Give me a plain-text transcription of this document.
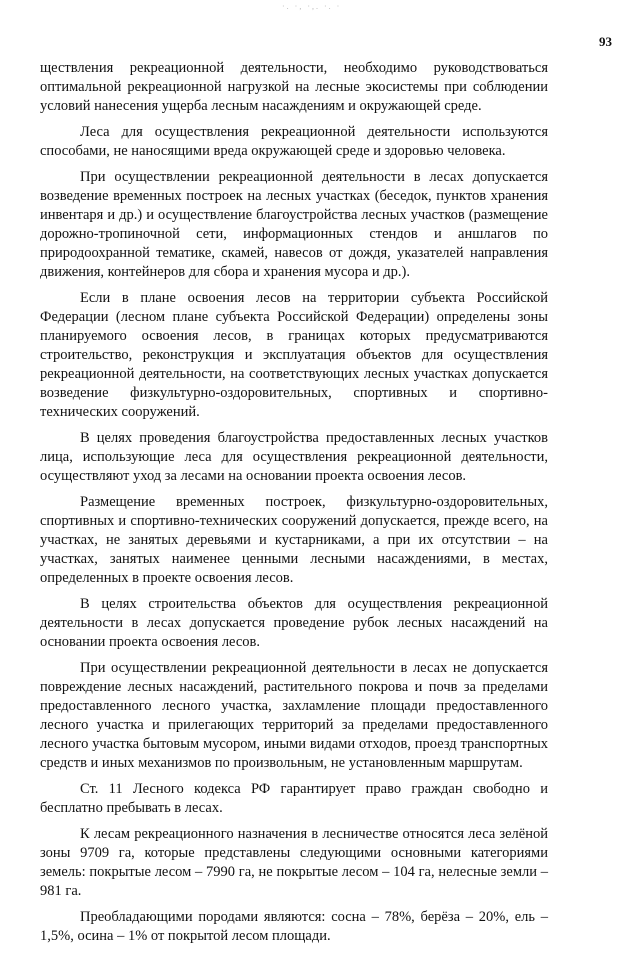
·. ·, ·,. ·. ·
93

ществления рекреационной деятельности, необходимо руководствоваться оптимальной рекреационной нагрузкой на лесные экосистемы при соблюдении условий нанесения ущерба лесным насаждениям и окружающей среде.

Леса для осуществления рекреационной деятельности используются способами, не наносящими вреда окружающей среде и здоровью человека.

При осуществлении рекреационной деятельности в лесах допускается возведение временных построек на лесных участках (беседок, пунктов хранения инвентаря и др.) и осуществление благоустройства лесных участков (размещение дорожно-тропиночной сети, информационных стендов и аншлагов по природоохранной тематике, скамей, навесов от дождя, указателей направления движения, контейнеров для сбора и хранения мусора и др.).

Если в плане освоения лесов на территории субъекта Российской Федерации (лесном плане субъекта Российской Федерации) определены зоны планируемого освоения лесов, в границах которых предусматриваются строительство, реконструкция и эксплуатация объектов для осуществления рекреационной деятельности, на соответствующих лесных участках допускается возведение физкультурно-оздоровительных, спортивных и спортивно-технических сооружений.

В целях проведения благоустройства предоставленных лесных участков лица, использующие леса для осуществления рекреационной деятельности, осуществляют уход за лесами на основании проекта освоения лесов.

Размещение временных построек, физкультурно-оздоровительных, спортивных и спортивно-технических сооружений допускается, прежде всего, на участках, не занятых деревьями и кустарниками, а при их отсутствии – на участках, занятых наименее ценными лесными насаждениями, в местах, определенных в проекте освоения лесов.

В целях строительства объектов для осуществления рекреационной деятельности в лесах допускается проведение рубок лесных насаждений на основании проекта освоения лесов.

При осуществлении рекреационной деятельности в лесах не допускается повреждение лесных насаждений, растительного покрова и почв за пределами предоставленного лесного участка, захламление площади предоставленного лесного участка и прилегающих территорий за пределами предоставленного лесного участка бытовым мусором, иными видами отходов, проезд транспортных средств и иных механизмов по произвольным, не установленным маршрутам.

Ст. 11 Лесного кодекса РФ гарантирует право граждан свободно и бесплатно пребывать в лесах.

К лесам рекреационного назначения в лесничестве относятся леса зелёной зоны 9709 га, которые представлены следующими основными категориями земель: покрытые лесом – 7990 га, не покрытые лесом – 104 га, нелесные земли – 981 га.

Преобладающими породами являются: сосна – 78%, берёза – 20%, ель – 1,5%, осина – 1% от покрытой лесом площади.
